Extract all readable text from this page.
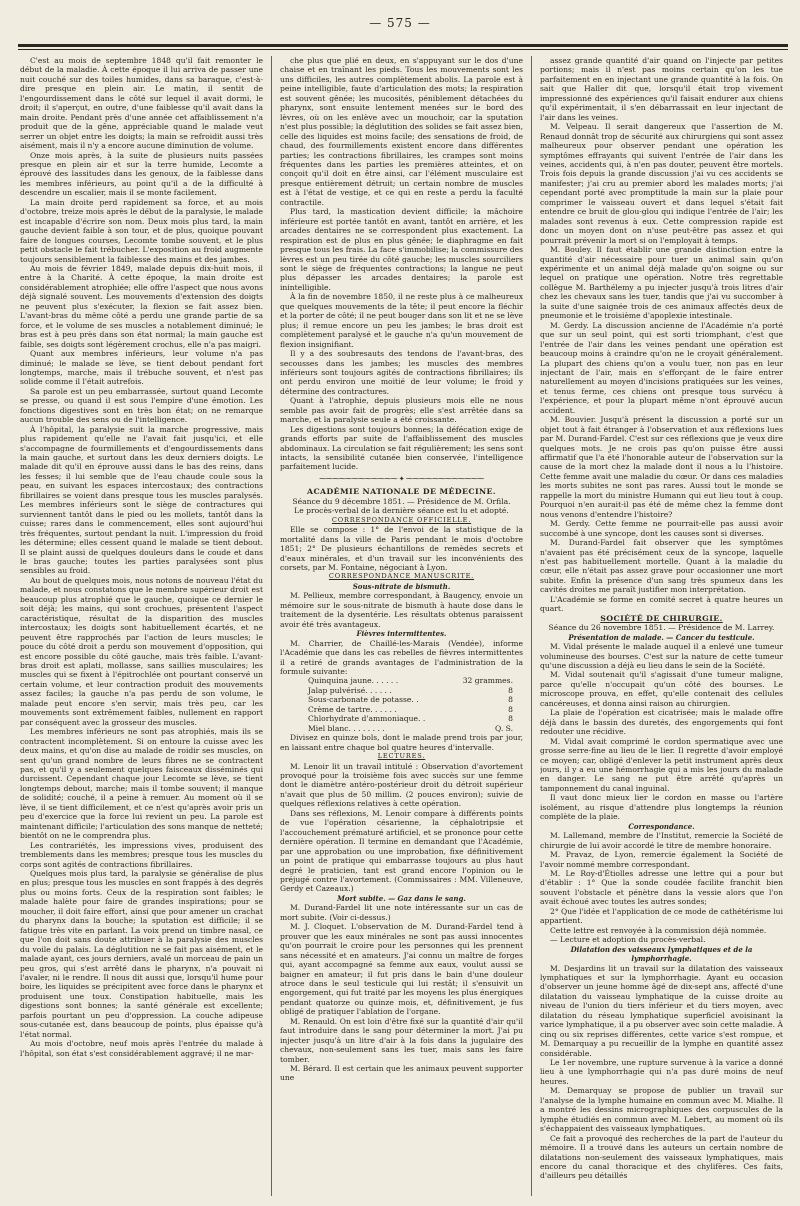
— 575 —

C'est au mois de septembre 1848 qu'il fait remonter le début de la maladie. À cette époque il lui arriva de passer une nuit couché sur des toiles humides, dans sa baraque, c'est-à-dire presque en plein air. Le matin, il sentit de l'engourdissement dans le côté sur lequel il avait dormi, le droit; il s'aperçut, en outre, d'une faiblesse qu'il avait dans la main droite. Pendant près d'une année cet affaiblissement n'a produit que de la gêne, appréciable quand le malade veut serrer un objet entre les doigts; la main se refroidit aussi très aisément, mais il n'y a encore aucune diminution de volume.

Onze mois après, à la suite de plusieurs nuits passées presque en plein air et sur la terre humide, Lecomte a éprouvé des lassitudes dans les genoux, de la faiblesse dans les membres inférieurs, au point qu'il a de la difficulté à descendre un escalier, mais il se monte facilement.

La main droite perd rapidement sa force, et au mois d'octobre, treize mois après le début de la paralysie, le malade est incapable d'écrire son nom. Deux mois plus tard, la main gauche devient faible à son tour, et de plus, quoique pouvant faire de longues courses, Lecomte tombe souvent, et le plus petit obstacle le fait trébucher. L'exposition au froid augmente toujours sensiblement la faiblesse des mains et des jambes.

Au mois de février 1849, malade depuis dix-huit mois, il entre à la Charité. À cette époque, la main droite est considérablement atrophiée; elle offre l'aspect que nous avons déjà signalé souvent. Les mouvements d'extension des doigts ne peuvent plus s'exécuter, la flexion se fait assez bien. L'avant-bras du même côté a perdu une grande partie de sa force, et le volume de ses muscles a notablement diminué; le bras est à peu près dans son état normal; la main gauche est faible, ses doigts sont légèrement crochus, elle n'a pas maigri.

Quant aux membres inférieurs, leur volume n'a pas diminué; le malade se lève, se tient debout pendant fort longtemps, marche, mais il trébuche souvent, et n'est pas solide comme il l'était autrefois.

Sa parole est un peu embarrassée, surtout quand Lecomte se presse, ou quand il est sous l'empire d'une émotion. Les fonctions digestives sont en très bon état; on ne remarque aucun trouble des sens ou de l'intelligence.

À l'hôpital, la paralysie suit la marche progressive, mais plus rapidement qu'elle ne l'avait fait jusqu'ici, et elle s'accompagne de fourmillements et d'engourdissements dans la main gauche, et surtout dans les deux derniers doigts. Le malade dit qu'il en éprouve aussi dans le bas des reins, dans les fesses; il lui semble que de l'eau chaude coule sous la peau, en suivant les espaces intercostaux; des contractions fibrillaires se voient dans presque tous les muscles paralysés. Les membres inférieurs sont le siège de contractures qui surviennent tantôt dans le pied ou les mollets, tantôt dans la cuisse; rares dans le commencement, elles sont aujourd'hui très fréquentes, surtout pendant la nuit. L'impression du froid les détermine; elles cessent quand le malade se tient debout. Il se plaint aussi de quelques douleurs dans le coude et dans le bras gauche; toutes les parties paralysées sont plus sensibles au froid.

Au bout de quelques mois, nous notons de nouveau l'état du malade, et nous constatons que le membre supérieur droit est beaucoup plus atrophié que le gauche, quoique ce dernier le soit déjà; les mains, qui sont crochues, présentent l'aspect caractéristique, résultat de la disparition des muscles intercostaux; les doigts sont habituellement écartés, et ne peuvent être rapprochés par l'action de leurs muscles; le pouce du côté droit a perdu son mouvement d'opposition, qui est encore possible du côté gauche, mais très faible. L'avant-bras droit est aplati, mollasse, sans saillies musculaires; les muscles qui se fixent à l'épitrochlée ont pourtant conservé un certain volume, et leur contraction produit des mouvements assez faciles; la gauche n'a pas perdu de son volume, le malade peut encore s'en servir, mais très peu, car les mouvements sont extrêmement faibles, nullement en rapport par conséquent avec la grosseur des muscles.

Les membres inférieurs ne sont pas atrophiés, mais ils se contractent incomplètement. Si on entoure la cuisse avec les deux mains, et qu'on dise au malade de roidir ses muscles, on sent qu'un grand nombre de leurs fibres ne se contractent pas, et qu'il y a seulement quelques faisceaux disséminés qui durcissent. Cependant chaque jour Lecomte se lève, se tient longtemps debout, marche; mais il tombe souvent; il manque de solidité; couché, il a peine à remuer. Au moment où il se lève, il se tient difficilement, et ce n'est qu'après avoir pris un peu d'exercice que la force lui revient un peu. La parole est maintenant difficile; l'articulation des sons manque de netteté; bientôt on ne le comprendra plus.

Les contrariétés, les impressions vives, produisent des tremblements dans les membres; presque tous les muscles du corps sont agités de contractions fibrillaires.

Quelques mois plus tard, la paralysie se généralise de plus en plus; presque tous les muscles en sont frappés à des degrés plus ou moins forts. Ceux de la respiration sont faibles; le malade halète pour faire de grandes inspirations; pour se moucher, il doit faire effort, ainsi que pour amener un crachat du pharynx dans la bouche; la sputation est difficile; il se fatigue très vite en parlant. La voix prend un timbre nasal, ce que l'on doit sans doute attribuer à la paralysie des muscles du voile du palais. La déglutition ne se fait pas aisément, et le malade ayant, ces jours derniers, avalé un morceau de pain un peu gros, qui s'est arrêté dans le pharynx, n'a pouvait ni l'avaler, ni le rendre. Il nous dit aussi que, lorsqu'il hume pour boire, les liquides se précipitent avec force dans le pharynx et produisent une toux. Constipation habituelle, mais les digestions sont bonnes; la santé générale est excellente; parfois pourtant un peu d'oppression. La couche adipeuse sous-cutanée est, dans beaucoup de points, plus épaisse qu'à l'état normal.

Au mois d'octobre, neuf mois après l'entrée du malade à l'hôpital, son état s'est considérablement aggravé; il ne mar-

che plus que plié en deux, en s'appuyant sur le dos d'une chaise et en traînant les pieds. Tous les mouvements sont les uns difficiles, les autres complètement abolis. La parole est à peine intelligible, faute d'articulation des mots; la respiration est souvent gênée; les mucosités, péniblement détachées du pharynx, sont ensuite lentement menées sur le bord des lèvres, où on les enlève avec un mouchoir, car la sputation n'est plus possible; la déglutition des solides se fait assez bien, celle des liquides est moins facile; des sensations de froid, de chaud, des fourmillements existent encore dans différentes parties; les contractions fibrillaires, les crampes sont moins fréquentes dans les parties les premières atteintes, et on conçoit qu'il doit en être ainsi, car l'élément musculaire est presque entièrement détruit; un certain nombre de muscles est à l'état de vestige, et ce qui en reste a perdu la faculté contractile.

Plus tard, la mastication devient difficile; la mâchoire inférieure est portée tantôt en avant, tantôt en arrière, et les arcades dentaires ne se correspondent plus exactement. La respiration est de plus en plus gênée; le diaphragme en fait presque tous les frais. La face s'immobilise; la commissure des lèvres est un peu tirée du côté gauche; les muscles sourciliers sont le siège de fréquentes contractions; la langue ne peut plus dépasser les arcades dentaires; la parole est inintelligible.

À la fin de novembre 1850, il ne reste plus à ce malheureux que quelques mouvements de la tête; il peut encore la fléchir et la porter de côté; il ne peut bouger dans son lit et ne se lève plus; il remue encore un peu les jambes; le bras droit est complètement paralysé et le gauche n'a qu'un mouvement de flexion insignifiant.

Il y a des soubresauts des tendons de l'avant-bras, des secousses dans les jambes; les muscles des membres inférieurs sont toujours agités de contractions fibrillaires; ils ont perdu environ une moitié de leur volume; le froid y détermine des contractures.

Quant à l'atrophie, depuis plusieurs mois elle ne nous semble pas avoir fait de progrès; elle s'est arrêtée dans sa marche, et la paralysie seule a été croissante.

Les digestions sont toujours bonnes; la défécation exige de grands efforts par suite de l'affaiblissement des muscles abdominaux. La circulation se fait régulièrement; les sens sont intacts, la sensibilité cutanée bien conservée, l'intelligence parfaitement lucide.

⁓⁓⁓⁓⁓⁓⁓⁓⁓⁓⁓⁓ ✦ ⁓⁓⁓⁓⁓⁓⁓⁓⁓⁓⁓⁓

ACADÉMIE NATIONALE DE MÉDECINE.

Séance du 9 décembre 1851. — Présidence de M. Orfila.

Le procès-verbal de la dernière séance est lu et adopté.

CORRESPONDANCE OFFICIELLE.

Elle se compose : 1° de l'envoi de la statistique de la mortalité dans la ville de Paris pendant le mois d'octobre 1851; 2° De plusieurs échantillons de remèdes secrets et d'eaux minérales, et d'un travail sur les inconvénients des corsets, par M. Fontaine, négociant à Lyon.

CORRESPONDANCE MANUSCRITE.

Sous-nitrate de bismuth.

M. Pellieux, membre correspondant, à Baugency, envoie un mémoire sur le sous-nitrate de bismuth à haute dose dans le traitement de la dysentérie. Les résultats obtenus paraissent avoir été très avantageux.

Fièvres intermittentes.

M. Charrier, de Chaillé-les-Marais (Vendée), informe l'Académie que dans les cas rebelles de fièvres intermittentes il a retiré de grands avantages de l'administration de la formule suivante:

Quinquina jaune. . . . . .	32 grammes.
Jalap pulvérisé. . . . . .	8
Sous-carbonate de potasse. .	8
Crème de tartre. . . . . .	8
Chlorhydrate d'ammoniaque. .	8
Miel blanc. . . . . . . .	Q. S.

Divisez en quinze bols, dont le malade prend trois par jour, en laissant entre chaque bol quatre heures d'intervalle.

LECTURES.

M. Lenoir lit un travail intitulé : Observation d'avortement provoqué pour la troisième fois avec succès sur une femme dont le diamètre antéro-postérieur droit du détroit supérieur n'avait que plus de 50 millim. (2 pouces environ); suivie de quelques réflexions relatives à cette opération.

Dans ses réflexions, M. Lenoir compare à différents points de vue l'opération césarienne, la céphalotripsie et l'accouchement prématuré artificiel, et se prononce pour cette dernière opération. Il termine en demandant que l'Académie, par une approbation ou une improbation, fixe définitivement un point de pratique qui embarrasse toujours au plus haut degré le praticien, tant est grand encore l'opinion ou le préjugé contre l'avortement. (Commissaires : MM. Villeneuve, Gerdy et Cazeaux.)

Mort subite. — Gaz dans le sang.

M. Durand-Fardel lit une note intéressante sur un cas de mort subite. (Voir ci-dessus.)

M. J. Cloquet. L'observation de M. Durand-Fardel tend à prouver que les eaux minérales ne sont pas aussi innocentes qu'on pourrait le croire pour les personnes qui les prennent sans nécessité et en amateurs. J'ai connu un maître de forges qui, ayant accompagné sa femme aux eaux, voulut aussi se baigner en amateur; il fut pris dans le bain d'une douleur atroce dans le seul testicule qui lui restât; il s'ensuivit un engorgement, qui fut traité par les moyens les plus énergiques pendant quatorze ou quinze mois, et, définitivement, je fus obligé de pratiquer l'ablation de l'organe.

M. Renauld. On est loin d'être fixé sur la quantité d'air qu'il faut introduire dans le sang pour déterminer la mort. J'ai pu injecter jusqu'à un litre d'air à la fois dans la jugulaire des chevaux, non-seulement sans les tuer, mais sans les faire tomber.

M. Bérard. Il est certain que les animaux peuvent supporter une

assez grande quantité d'air quand on l'injecte par petites portions; mais il n'est pas moins certain qu'on les tue parfaitement en en injectant une grande quantité à la fois. On sait que Haller dit que, lorsqu'il était trop vivement impressionné des expériences qu'il faisait endurer aux chiens qu'il expérimentait, il s'en débarrassait en leur injectant de l'air dans les veines.

M. Velpeau. Il serait dangereux que l'assertion de M. Renaud donnât trop de sécurité aux chirurgiens qui sont assez malheureux pour observer pendant une opération les symptômes effrayants qui suivent l'entrée de l'air dans les veines, accidents qui, à n'en pas douter, peuvent être mortels. Trois fois depuis la grande discussion j'ai vu ces accidents se manifester; j'ai cru au premier abord les malades morts; j'ai cependant porté avec promptitude la main sur la plaie pour comprimer le vaisseau ouvert et dans lequel s'était fait entendre ce bruit de glou-glou qui indique l'entrée de l'air; les malades sont revenus à eux. Cette compression rapide est donc un moyen dont on n'use peut-être pas assez et qui pourrait prévenir la mort si on l'employait à temps.

M. Bouley. Il faut établir une grande distinction entre la quantité d'air nécessaire pour tuer un animal sain qu'on expérimente et un animal déjà malade qu'on soigne ou sur lequel on pratique une opération. Notre très regrettable collègue M. Barthélemy a pu injecter jusqu'à trois litres d'air chez les chevaux sans les tuer, tandis que j'ai vu succomber à la suite d'une saignée trois de ces animaux affectés deux de pneumonie et le troisième d'apoplexie intestinale.

M. Gerdy. La discussion ancienne de l'Académie n'a porté que sur un seul point, qui est sorti triomphant, c'est que l'entrée de l'air dans les veines pendant une opération est beaucoup moins à craindre qu'on ne le croyait généralement. La plupart des chiens qu'on a voulu tuer, non pas en leur injectant de l'air, mais en s'efforçant de le faire entrer naturellement au moyen d'incisions pratiquées sur les veines, et tenus ferme, ces chiens ont presque tous survécu à l'expérience, et pour la plupart même n'ont éprouvé aucun accident.

M. Bouvier. Jusqu'à présent la discussion a porté sur un objet tout à fait étranger à l'observation et aux réflexions lues par M. Durand-Fardel. C'est sur ces réflexions que je veux dire quelques mots. Je ne crois pas qu'on puisse être aussi affirmatif que l'a été l'honorable auteur de l'observation sur la cause de la mort chez la malade dont il nous a lu l'histoire. Cette femme avait une maladie du cœur. Or dans ces maladies les morts subites ne sont pas rares. Aussi tout le monde se rappelle la mort du ministre Humann qui eut lieu tout à coup. Pourquoi n'en aurait-il pas été de même chez la femme dont nous venons d'entendre l'histoire?

M. Gerdy. Cette femme ne pourrait-elle pas aussi avoir succombé à une syncope, dont les causes sont si diverses.

M. Durand-Fardel fait observer que les symptômes n'avaient pas été précisément ceux de la syncope, laquelle n'est pas habituellement mortelle. Quant à la maladie du cœur, elle n'était pas assez grave pour occasionner une mort subite. Enfin la présence d'un sang très spumeux dans les cavités droites me paraît justifier mon interprétation.

L'Académie se forme en comité secret à quatre heures un quart.

SOCIÉTÉ DE CHIRURGIE.

Séance du 26 novembre 1851. — Présidence de M. Larrey.

Présentation de malade. — Cancer du testicule.

M. Vidal présente le malade auquel il a enlevé une tumeur volumineuse des bourses. C'est sur la nature de cette tumeur qu'une discussion a déjà eu lieu dans le sein de la Société.

M. Vidal soutenait qu'il s'agissait d'une tumeur maligne, parce qu'elle n'occupait qu'un côté des bourses. Le microscope prouva, en effet, qu'elle contenait des cellules cancéreuses, et donna ainsi raison au chirurgien.

La plaie de l'opération est cicatrisée; mais le malade offre déjà dans le bassin des duretés, des engorgements qui font redouter une récidive.

M. Vidal avait comprimé le cordon spermatique avec une grosse serre-fine au lieu de le lier. Il regrette d'avoir employé ce moyen; car, obligé d'enlever la petit instrument après deux jours, il y a eu une hémorrhagie qui a mis les jours du malade en danger. Le sang ne put être arrêté qu'après un tamponnement du canal inguinal.

Il vaut donc mieux lier le cordon en masse ou l'artère isolément, au risque d'attendre plus longtemps la réunion complète de la plaie.

Correspondance.

M. Lallemand, membre de l'Institut, remercie la Société de chirurgie de lui avoir accordé le titre de membre honoraire.

M. Pravaz, de Lyon, remercie également la Société de l'avoir nommé membre correspondant.

M. Le Roy-d'Étiolles adresse une lettre qui a pour but d'établir : 1° Que la sonde coudée facilite franchit bien souvent l'obstacle et pénètre dans la vessie alors que l'on avait échoué avec toutes les autres sondes;

2° Que l'idée et l'application de ce mode de cathétérisme lui appartient.

Cette lettre est renvoyée à la commission déjà nommée.

— Lecture et adoption du procès-verbal.

Dilatation des vaisseaux lymphatiques et de la lymphorrhagie.

M. Desjardins lit un travail sur la dilatation des vaisseaux lymphatiques et sur la lymphorrhagie. Ayant eu occasion d'observer un jeune homme âgé de dix-sept ans, affecté d'une dilatation du vaisseau lymphatique de la cuisse droite au niveau de l'union du tiers inférieur et du tiers moyen, avec dilatation du réseau lymphatique superficiel avoisinant la varice lymphatique, il a pu observer avec soin cette maladie. À cinq ou six reprises différentes, cette varice s'est rompue, et M. Demarquay a pu recueillir de la lymphe en quantité assez considérable.

Le 1er novembre, une rupture survenue à la varice a donné lieu à une lymphorrhagie qui n'a pas duré moins de neuf heures.

M. Demarquay se propose de publier un travail sur l'analyse de la lymphe humaine en commun avec M. Mialhe. Il a montré les dessins micrographiques des corpuscules de la lymphe étudiés en commun avec M. Lebert, au moment où ils s'échappaient des vaisseaux lymphatiques.

Ce fait a provoqué des recherches de la part de l'auteur du mémoire. Il a trouvé dans les auteurs un certain nombre de dilatations non-seulement des vaisseaux lymphatiques, mais encore du canal thoracique et des chylifères. Ces faits, d'ailleurs peu détaillés
